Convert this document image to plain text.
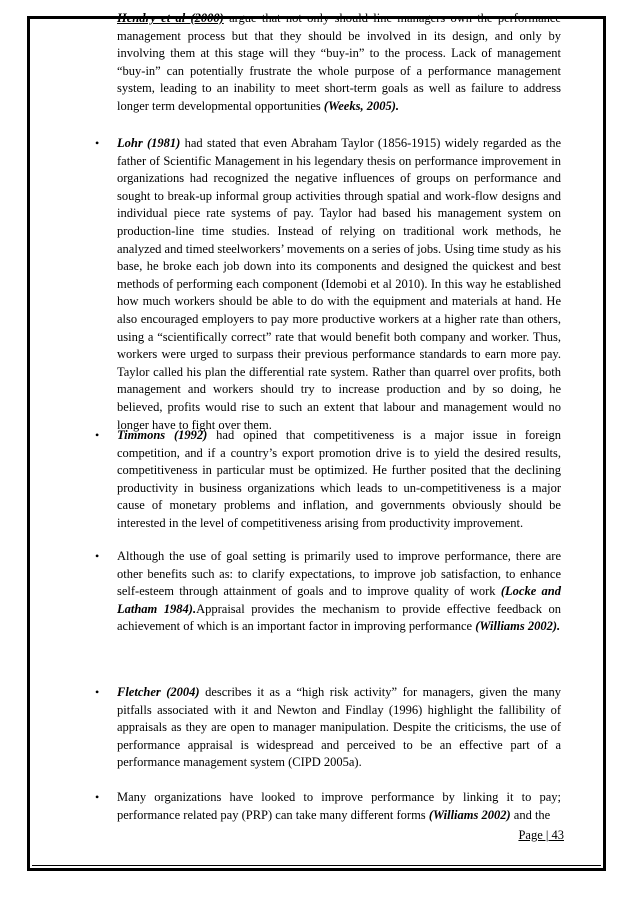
Hendry et al (2000) argue that not only should line managers own the performance management process but that they should be involved in its design, and only by involving them at this stage will they “buy-in” to the process. Lack of management “buy-in” can potentially frustrate the whole purpose of a performance management system, leading to an inability to meet short-term goals as well as failure to address longer term developmental opportunities (Weeks, 2005).

• Lohr (1981) had stated that even Abraham Taylor (1856-1915) widely regarded as the father of Scientific Management in his legendary thesis on performance improvement in organizations had recognized the negative influences of groups on performance and sought to break-up informal group activities through spatial and work-flow designs and individual piece rate systems of pay. Taylor had based his management system on production-line time studies. Instead of relying on traditional work methods, he analyzed and timed steelworkers’ movements on a series of jobs. Using time study as his base, he broke each job down into its components and designed the quickest and best methods of performing each component (Idemobi et al 2010). In this way he established how much workers should be able to do with the equipment and materials at hand. He also encouraged employers to pay more productive workers at a higher rate than others, using a “scientifically correct” rate that would benefit both company and worker. Thus, workers were urged to surpass their previous performance standards to earn more pay. Taylor called his plan the differential rate system. Rather than quarrel over profits, both management and workers should try to increase production and by so doing, he believed, profits would rise to such an extent that labour and management would no longer have to fight over them.

• Timmons (1992) had opined that competitiveness is a major issue in foreign competition, and if a country’s export promotion drive is to yield the desired results, competitiveness in particular must be optimized. He further posited that the declining productivity in business organizations which leads to un-competitiveness is a major cause of monetary problems and inflation, and governments obviously should be interested in the level of competitiveness arising from productivity improvement.

• Although the use of goal setting is primarily used to improve performance, there are other benefits such as: to clarify expectations, to improve job satisfaction, to enhance self-esteem through attainment of goals and to improve quality of work (Locke and Latham 1984).Appraisal provides the mechanism to provide effective feedback on achievement of which is an important factor in improving performance (Williams 2002).

• Fletcher (2004) describes it as a “high risk activity” for managers, given the many pitfalls associated with it and Newton and Findlay (1996) highlight the fallibility of appraisals as they are open to manager manipulation. Despite the criticisms, the use of performance appraisal is widespread and perceived to be an effective part of a performance management system (CIPD 2005a).

• Many organizations have looked to improve performance by linking it to pay; performance related pay (PRP) can take many different forms (Williams 2002) and the

Page | 43
